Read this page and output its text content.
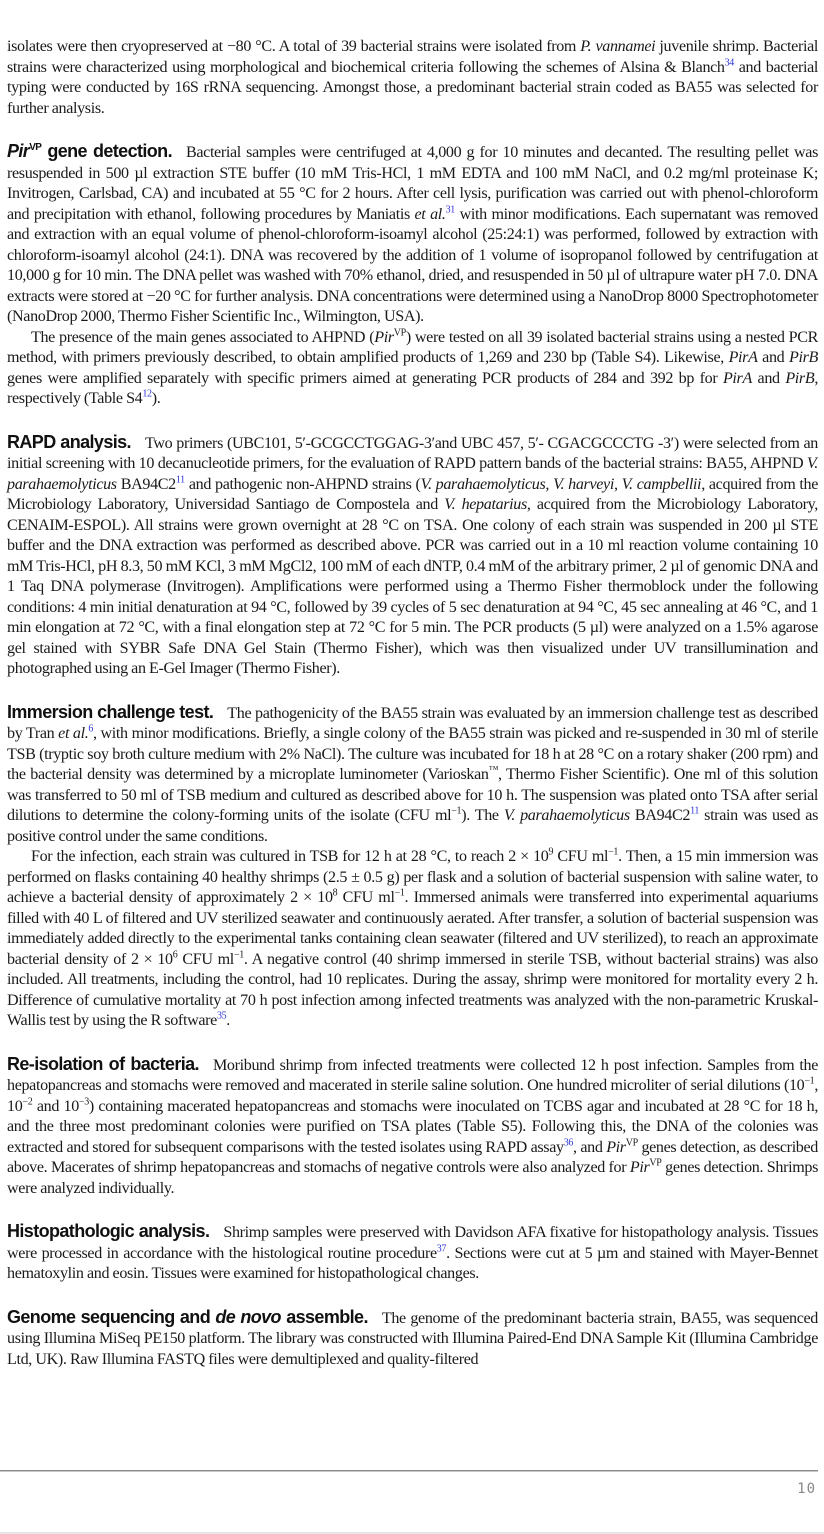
isolates were then cryopreserved at −80 °C. A total of 39 bacterial strains were isolated from P. vannamei juvenile shrimp. Bacterial strains were characterized using morphological and biochemical criteria following the schemes of Alsina & Blanch$^{34}$ and bacterial typing were conducted by 16S rRNA sequencing. Amongst those, a predominant bacterial strain coded as BA55 was selected for further analysis.

Pir$^{VP}$ gene detection. Bacterial samples were centrifuged at 4,000 g for 10 minutes and decanted. The resulting pellet was resuspended in 500 µl extraction STE buffer (10 mM Tris-HCl, 1 mM EDTA and 100 mM NaCl, and 0.2 mg/ml proteinase K; Invitrogen, Carlsbad, CA) and incubated at 55 °C for 2 hours. After cell lysis, purification was carried out with phenol-chloroform and precipitation with ethanol, following procedures by Maniatis et al.$^{31}$ with minor modifications. Each supernatant was removed and extraction with an equal volume of phenol-chloroform-isoamyl alcohol (25:24:1) was performed, followed by extraction with chloroform-isoamyl alcohol (24:1). DNA was recovered by the addition of 1 volume of isopropanol followed by centrifugation at 10,000 g for 10 min. The DNA pellet was washed with 70% ethanol, dried, and resuspended in 50 µl of ultrapure water pH 7.0. DNA extracts were stored at −20 °C for further analysis. DNA concentrations were determined using a NanoDrop 8000 Spectrophotometer (NanoDrop 2000, Thermo Fisher Scientific Inc., Wilmington, USA).

The presence of the main genes associated to AHPND (Pir$^{VP}$) were tested on all 39 isolated bacterial strains using a nested PCR method, with primers previously described, to obtain amplified products of 1,269 and 230 bp (Table S4). Likewise, PirA and PirB genes were amplified separately with specific primers aimed at generating PCR products of 284 and 392 bp for PirA and PirB, respectively (Table S4$^{12}$).

RAPD analysis. Two primers (UBC101, 5′-GCGCCTGGAG-3′and UBC 457, 5′- CGACGCCCTG -3′) were selected from an initial screening with 10 decanucleotide primers, for the evaluation of RAPD pattern bands of the bacterial strains: BA55, AHPND V. parahaemolyticus BA94C2$^{11}$ and pathogenic non-AHPND strains (V. parahaemolyticus, V. harveyi, V. campbellii, acquired from the Microbiology Laboratory, Universidad Santiago de Compostela and V. hepatarius, acquired from the Microbiology Laboratory, CENAIM-ESPOL). All strains were grown overnight at 28 °C on TSA. One colony of each strain was suspended in 200 µl STE buffer and the DNA extraction was performed as described above. PCR was carried out in a 10 ml reaction volume containing 10 mM Tris-HCl, pH 8.3, 50 mM KCl, 3 mM MgCl2, 100 mM of each dNTP, 0.4 mM of the arbitrary primer, 2 µl of genomic DNA and 1 Taq DNA polymerase (Invitrogen). Amplifications were performed using a Thermo Fisher thermoblock under the following conditions: 4 min initial denaturation at 94 °C, followed by 39 cycles of 5 sec denaturation at 94 °C, 45 sec annealing at 46 °C, and 1 min elongation at 72 °C, with a final elongation step at 72 °C for 5 min. The PCR products (5 µl) were analyzed on a 1.5% agarose gel stained with SYBR Safe DNA Gel Stain (Thermo Fisher), which was then visualized under UV transillumination and photographed using an E-Gel Imager (Thermo Fisher).

Immersion challenge test. The pathogenicity of the BA55 strain was evaluated by an immersion challenge test as described by Tran et al.$^6$, with minor modifications. Briefly, a single colony of the BA55 strain was picked and re-suspended in 30 ml of sterile TSB (tryptic soy broth culture medium with 2% NaCl). The culture was incubated for 18 h at 28 °C on a rotary shaker (200 rpm) and the bacterial density was determined by a microplate luminometer (Varioskan™, Thermo Fisher Scientific). One ml of this solution was transferred to 50 ml of TSB medium and cultured as described above for 10 h. The suspension was plated onto TSA after serial dilutions to determine the colony-forming units of the isolate (CFU $ml^{-1}$). The V. parahaemolyticus BA94C2$^{11}$ strain was used as positive control under the same conditions.

For the infection, each strain was cultured in TSB for 12 h at 28 °C, to reach $2 \times 10^9$ CFU $ml^{-1}$. Then, a 15 min immersion was performed on flasks containing 40 healthy shrimps (2.5 ± 0.5 g) per flask and a solution of bacterial suspension with saline water, to achieve a bacterial density of approximately $2 \times 10^8$ CFU $ml^{-1}$. Immersed animals were transferred into experimental aquariums filled with 40 L of filtered and UV sterilized seawater and continuously aerated. After transfer, a solution of bacterial suspension was immediately added directly to the experimental tanks containing clean seawater (filtered and UV sterilized), to reach an approximate bacterial density of $2 \times 10^6$ CFU $ml^{-1}$. A negative control (40 shrimp immersed in sterile TSB, without bacterial strains) was also included. All treatments, including the control, had 10 replicates. During the assay, shrimp were monitored for mortality every 2 h. Difference of cumulative mortality at 70 h post infection among infected treatments was analyzed with the non-parametric Kruskal-Wallis test by using the R software$^{35}$.

Re-isolation of bacteria. Moribund shrimp from infected treatments were collected 12 h post infection. Samples from the hepatopancreas and stomachs were removed and macerated in sterile saline solution. One hundred microliter of serial dilutions ($10^{-1}$, $10^{-2}$ and $10^{-3}$) containing macerated hepatopancreas and stomachs were inoculated on TCBS agar and incubated at 28 °C for 18 h, and the three most predominant colonies were purified on TSA plates (Table S5). Following this, the DNA of the colonies was extracted and stored for subsequent comparisons with the tested isolates using RAPD assay$^{36}$, and Pir$^{VP}$ genes detection, as described above. Macerates of shrimp hepatopancreas and stomachs of negative controls were also analyzed for Pir$^{VP}$ genes detection. Shrimps were analyzed individually.

Histopathologic analysis. Shrimp samples were preserved with Davidson AFA fixative for histopathology analysis. Tissues were processed in accordance with the histological routine procedure$^{37}$. Sections were cut at 5 µm and stained with Mayer-Bennet hematoxylin and eosin. Tissues were examined for histopathological changes.

Genome sequencing and de novo assemble. The genome of the predominant bacteria strain, BA55, was sequenced using Illumina MiSeq PE150 platform. The library was constructed with Illumina Paired-End DNA Sample Kit (Illumina Cambridge Ltd, UK). Raw Illumina FASTQ files were demultiplexed and quality-filtered

10
